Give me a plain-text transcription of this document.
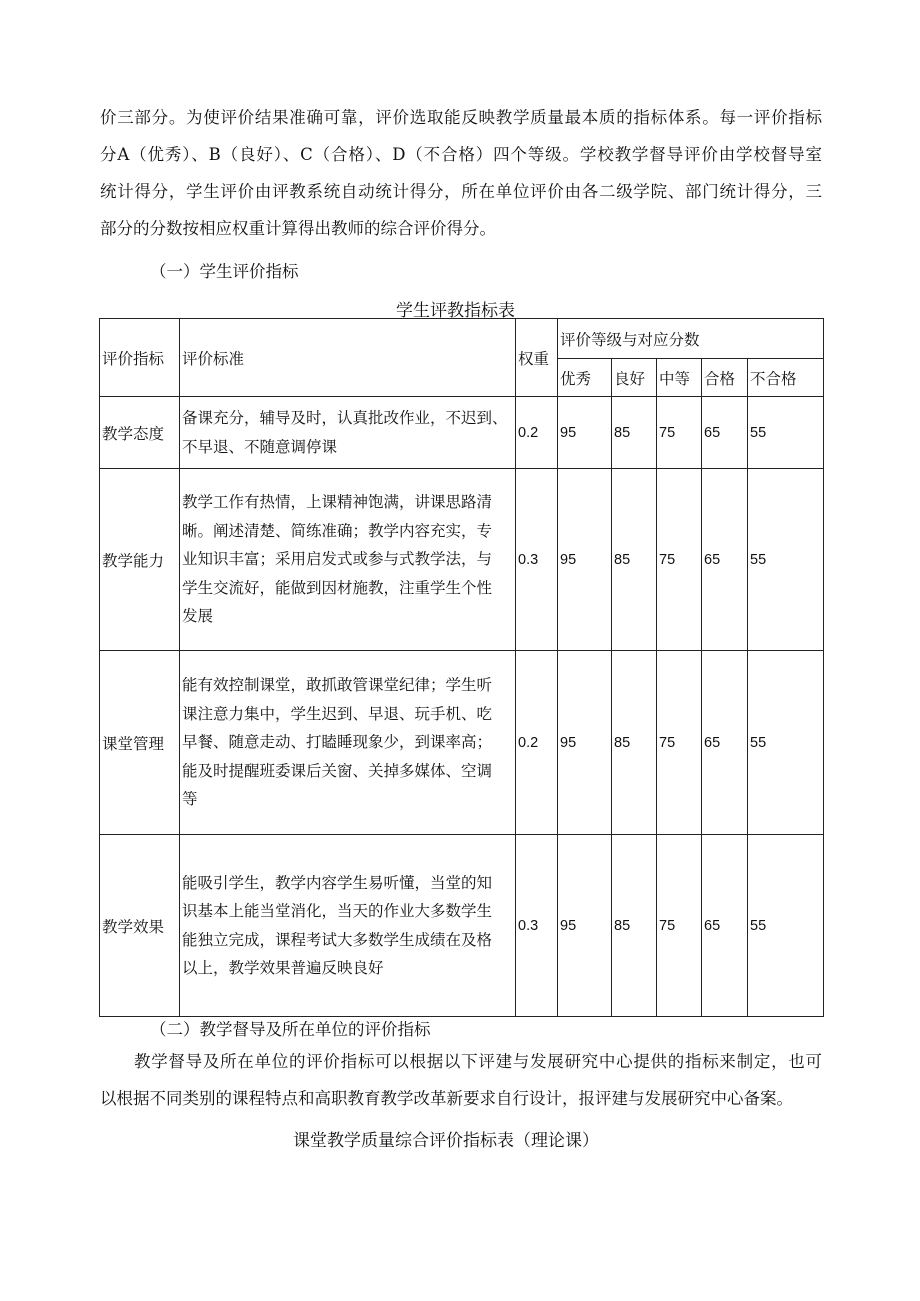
价三部分。为使评价结果准确可靠，评价选取能反映教学质量最本质的指标体系。每一评价指标
分A（优秀）、B（良好）、C（合格）、D（不合格）四个等级。学校教学督导评价由学校督导室
统计得分，学生评价由评教系统自动统计得分，所在单位评价由各二级学院、部门统计得分，三
部分的分数按相应权重计算得出教师的综合评价得分。
（一）学生评价指标
学生评教指标表
评价指标	评价标准	权重	评价等级与对应分数				
			优秀	良好	中等	合格	不合格
教学态度	备课充分，辅导及时，认真批改作业，不迟到、
不早退、不随意调停课	0.2	95	85	75	65	55
教学能力	教学工作有热情，上课精神饱满，讲课思路清
晰。阐述清楚、简练准确；教学内容充实，专
业知识丰富；采用启发式或参与式教学法，与
学生交流好，能做到因材施教，注重学生个性
发展	0.3	95	85	75	65	55
课堂管理	能有效控制课堂，敢抓敢管课堂纪律；学生听
课注意力集中，学生迟到、早退、玩手机、吃
早餐、随意走动、打瞌睡现象少，到课率高；
能及时提醒班委课后关窗、关掉多媒体、空调
等	0.2	95	85	75	65	55
教学效果	能吸引学生，教学内容学生易听懂，当堂的知
识基本上能当堂消化，当天的作业大多数学生
能独立完成，课程考试大多数学生成绩在及格
以上，教学效果普遍反映良好	0.3	95	85	75	65	55
（二）教学督导及所在单位的评价指标
教学督导及所在单位的评价指标可以根据以下评建与发展研究中心提供的指标来制定，也可
以根据不同类别的课程特点和高职教育教学改革新要求自行设计，报评建与发展研究中心备案。
课堂教学质量综合评价指标表（理论课）
